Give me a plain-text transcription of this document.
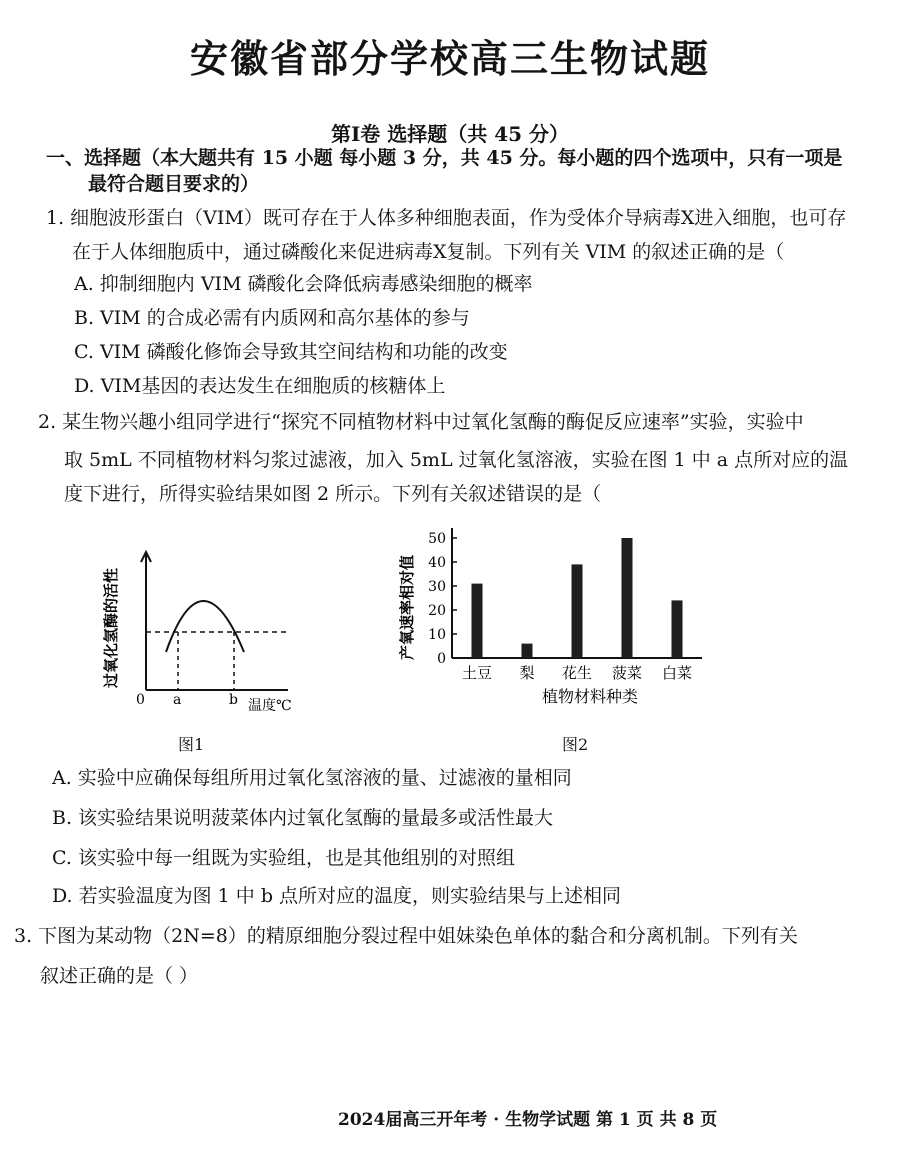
安徽省部分学校高三生物试题
第Ⅰ卷 选择题（共 45 分）
一、选择题（本大题共有 15 小题 每小题 3 分，共 45 分。每小题的四个选项中，只有一项是
最符合题目要求的）
1. 细胞波形蛋白（VIM）既可存在于人体多种细胞表面，作为受体介导病毒X进入细胞，也可存
在于人体细胞质中，通过磷酸化来促进病毒X复制。下列有关 VIM 的叙述正确的是（
A. 抑制细胞内 VIM 磷酸化会降低病毒感染细胞的概率
B. VIM 的合成必需有内质网和高尔基体的参与
C. VIM 磷酸化修饰会导致其空间结构和功能的改变
D. VIM基因的表达发生在细胞质的核糖体上
2. 某生物兴趣小组同学进行“探究不同植物材料中过氧化氢酶的酶促反应速率”实验，实验中
取 5mL 不同植物材料匀浆过滤液，加入 5mL 过氧化氢溶液，实验在图 1 中 a 点所对应的温
度下进行，所得实验结果如图 2 所示。下列有关叙述错误的是（
0 a	b 温度℃
过氧化氢酶的活性
图1
产氧速率相对值 0
10
20
30
40
50
土豆 梨 花生 菠菜 白菜
植物材料种类
图2
A. 实验中应确保每组所用过氧化氢溶液的量、过滤液的量相同
B. 该实验结果说明菠菜体内过氧化氢酶的量最多或活性最大
C. 该实验中每一组既为实验组，也是其他组别的对照组
D. 若实验温度为图 1 中 b 点所对应的温度，则实验结果与上述相同
3. 下图为某动物（2N=8）的精原细胞分裂过程中姐妹染色单体的黏合和分离机制。下列有关
叙述正确的是（ ）
2024届高三开年考 · 生物学试题 第 1 页 共 8 页
